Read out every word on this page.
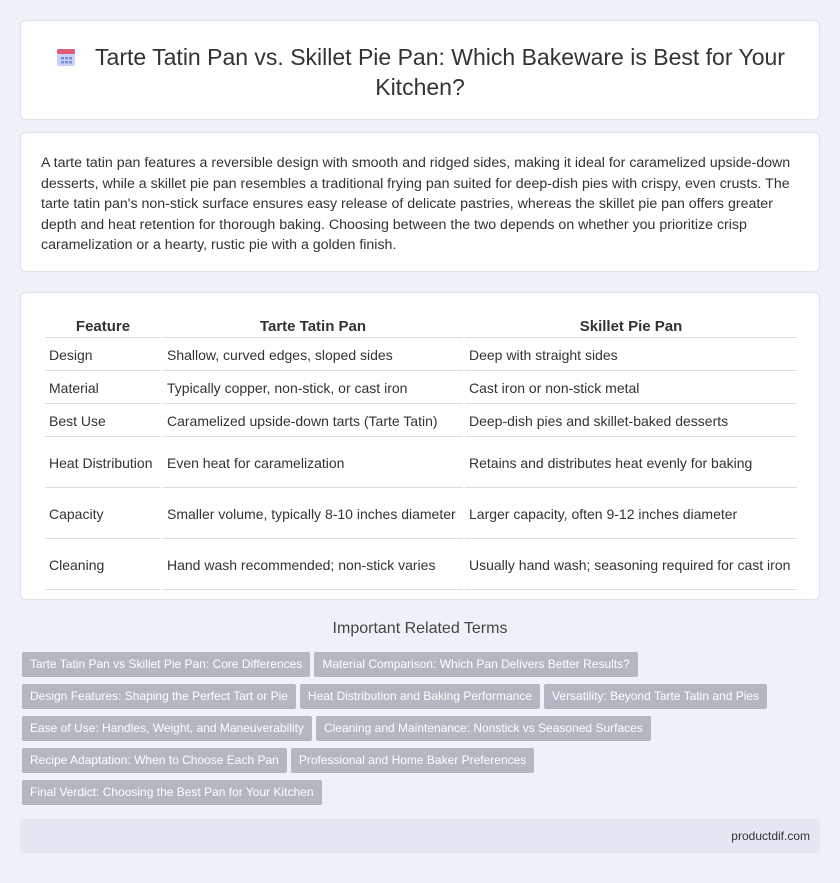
Tarte Tatin Pan vs. Skillet Pie Pan: Which Bakeware is Best for Your Kitchen?

A tarte tatin pan features a reversible design with smooth and ridged sides, making it ideal for caramelized upside-down desserts, while a skillet pie pan resembles a traditional frying pan suited for deep-dish pies with crispy, even crusts. The tarte tatin pan's non-stick surface ensures easy release of delicate pastries, whereas the skillet pie pan offers greater depth and heat retention for thorough baking. Choosing between the two depends on whether you prioritize crisp caramelization or a hearty, rustic pie with a golden finish.

Feature	Tarte Tatin Pan	Skillet Pie Pan
Design	Shallow, curved edges, sloped sides	Deep with straight sides
Material	Typically copper, non-stick, or cast iron	Cast iron or non-stick metal
Best Use	Caramelized upside-down tarts (Tarte Tatin)	Deep-dish pies and skillet-baked desserts
Heat Distribution	Even heat for caramelization	Retains and distributes heat evenly for baking
Capacity	Smaller volume, typically 8-10 inches diameter	Larger capacity, often 9-12 inches diameter
Cleaning	Hand wash recommended; non-stick varies	Usually hand wash; seasoning required for cast iron
Important Related Terms
Tarte Tatin Pan vs Skillet Pie Pan: Core Differences Material Comparison: Which Pan Delivers Better Results?
Design Features: Shaping the Perfect Tart or Pie Heat Distribution and Baking Performance Versatility: Beyond Tarte Tatin and Pies
Ease of Use: Handles, Weight, and Maneuverability Cleaning and Maintenance: Nonstick vs Seasoned Surfaces
Recipe Adaptation: When to Choose Each Pan Professional and Home Baker Preferences
Final Verdict: Choosing the Best Pan for Your Kitchen
productdif.com
